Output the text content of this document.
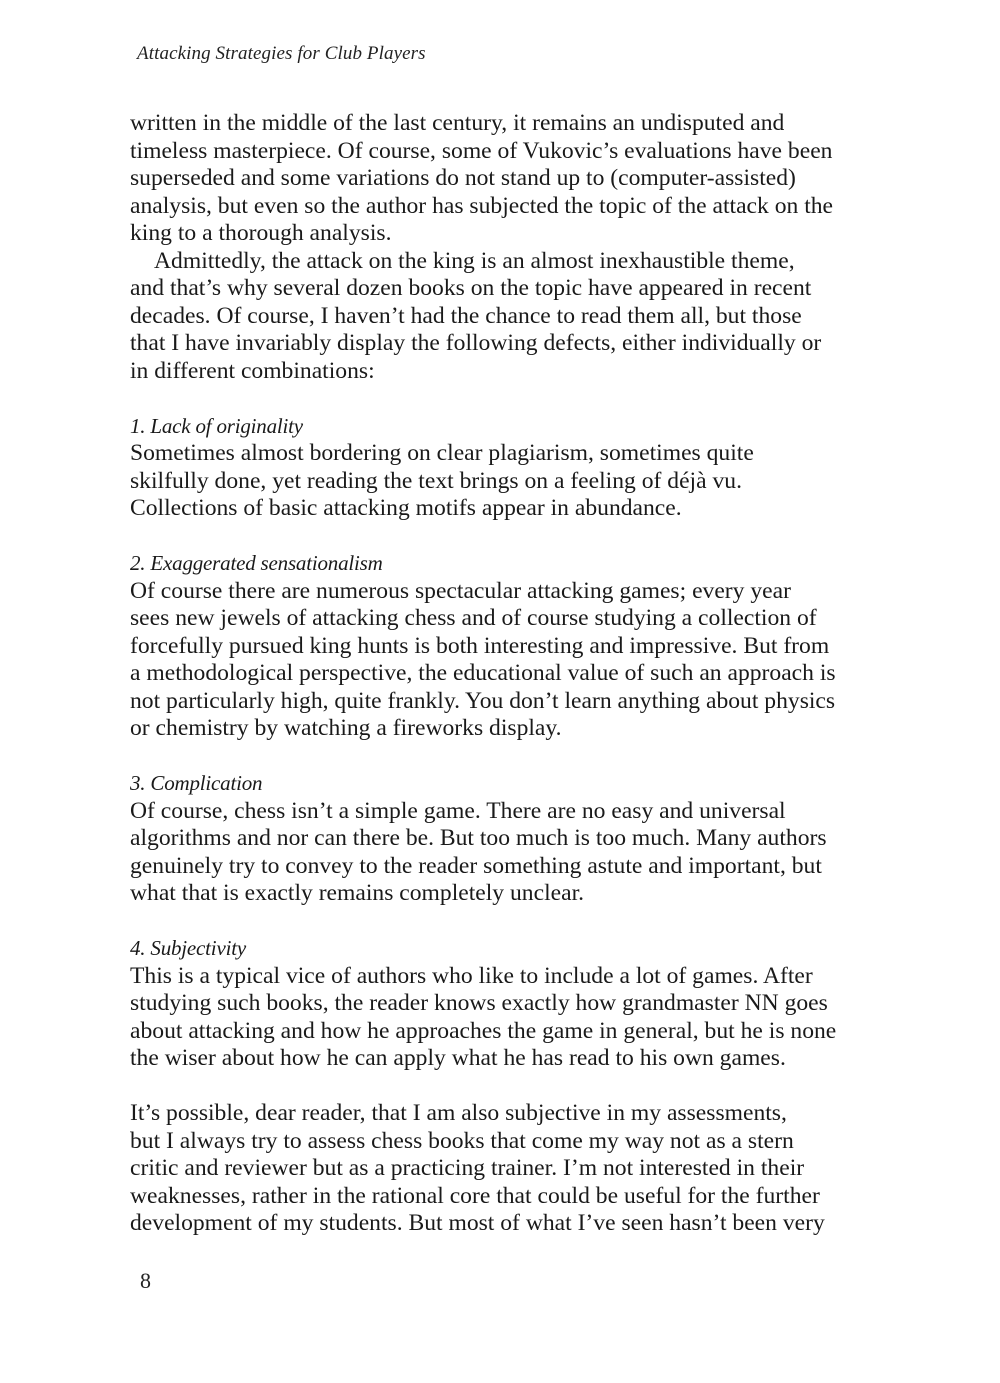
Attacking Strategies for Club Players

written in the middle of the last century, it remains an undisputed and
timeless masterpiece. Of course, some of Vukovic’s evaluations have been
superseded and some variations do not stand up to (computer-assisted)
analysis, but even so the author has subjected the topic of the attack on the
king to a thorough analysis.

Admittedly, the attack on the king is an almost inexhaustible theme,
and that’s why several dozen books on the topic have appeared in recent
decades. Of course, I haven’t had the chance to read them all, but those
that I have invariably display the following defects, either individually or
in different combinations:

1. Lack of originality

Sometimes almost bordering on clear plagiarism, sometimes quite
skilfully done, yet reading the text brings on a feeling of déjà vu.
Collections of basic attacking motifs appear in abundance.

2. Exaggerated sensationalism

Of course there are numerous spectacular attacking games; every year
sees new jewels of attacking chess and of course studying a collection of
forcefully pursued king hunts is both interesting and impressive. But from
a methodological perspective, the educational value of such an approach is
not particularly high, quite frankly. You don’t learn anything about physics
or chemistry by watching a fireworks display.

3. Complication

Of course, chess isn’t a simple game. There are no easy and universal
algorithms and nor can there be. But too much is too much. Many authors
genuinely try to convey to the reader something astute and important, but
what that is exactly remains completely unclear.

4. Subjectivity

This is a typical vice of authors who like to include a lot of games. After
studying such books, the reader knows exactly how grandmaster NN goes
about attacking and how he approaches the game in general, but he is none
the wiser about how he can apply what he has read to his own games.

It’s possible, dear reader, that I am also subjective in my assessments,
but I always try to assess chess books that come my way not as a stern
critic and reviewer but as a practicing trainer. I’m not interested in their
weaknesses, rather in the rational core that could be useful for the further
development of my students. But most of what I’ve seen hasn’t been very

8
